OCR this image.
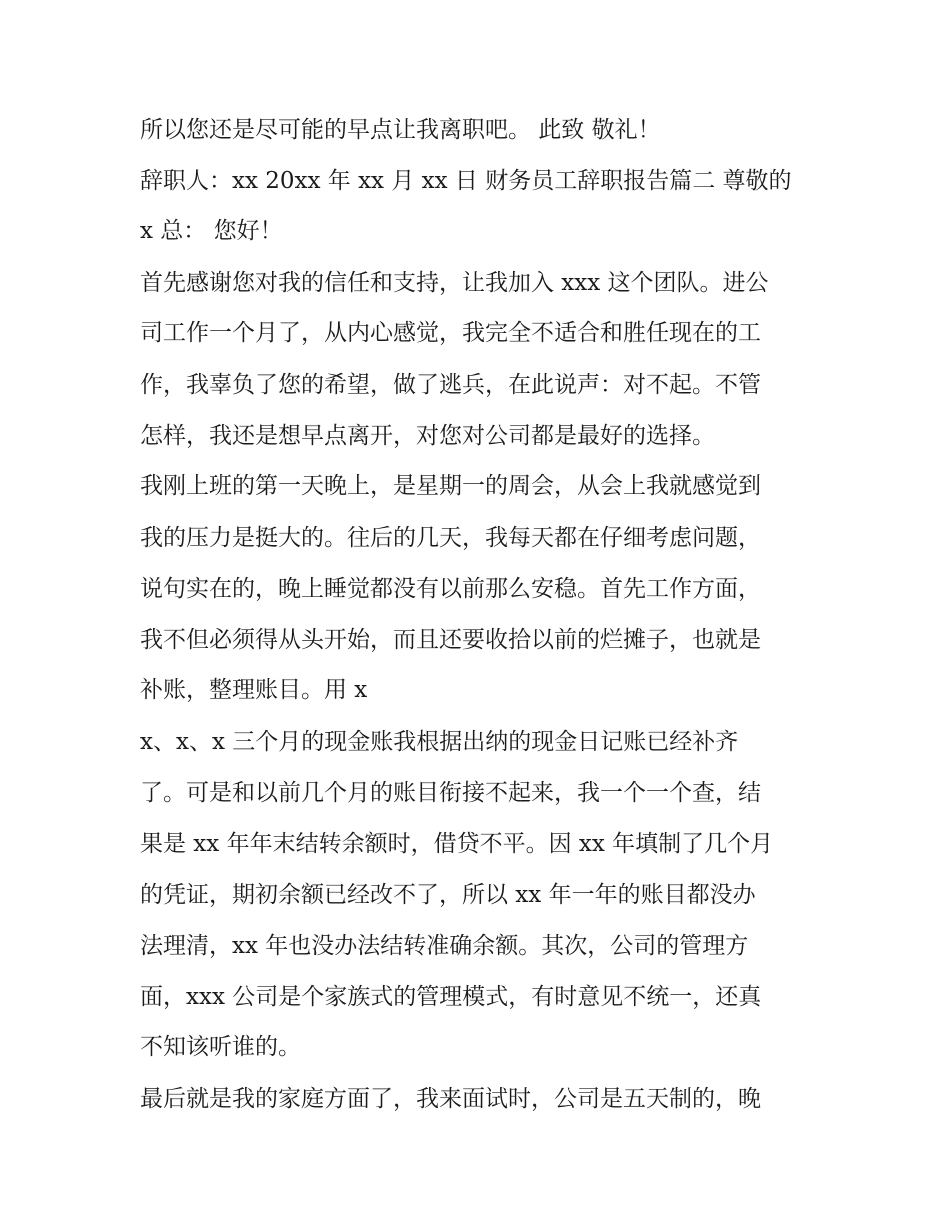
所以您还是尽可能的早点让我离职吧。 此致 敬礼！
辞职人：xx 20xx 年 xx 月 xx 日 财务员工辞职报告篇二 尊敬的
x 总： 您好！
首先感谢您对我的信任和支持，让我加入 xxx 这个团队。进公
司工作一个月了，从内心感觉，我完全不适合和胜任现在的工
作，我辜负了您的希望，做了逃兵，在此说声：对不起。不管
怎样，我还是想早点离开，对您对公司都是最好的选择。
我刚上班的第一天晚上，是星期一的周会，从会上我就感觉到
我的压力是挺大的。往后的几天，我每天都在仔细考虑问题，
说句实在的，晚上睡觉都没有以前那么安稳。首先工作方面，
我不但必须得从头开始，而且还要收拾以前的烂摊子，也就是
补账，整理账目。用 x
x、x、x 三个月的现金账我根据出纳的现金日记账已经补齐
了。可是和以前几个月的账目衔接不起来，我一个一个查，结
果是 xx 年年末结转余额时，借贷不平。因 xx 年填制了几个月
的凭证，期初余额已经改不了，所以 xx 年一年的账目都没办
法理清，xx 年也没办法结转准确余额。其次，公司的管理方
面，xxx 公司是个家族式的管理模式，有时意见不统一，还真
不知该听谁的。
最后就是我的家庭方面了，我来面试时，公司是五天制的，晚
